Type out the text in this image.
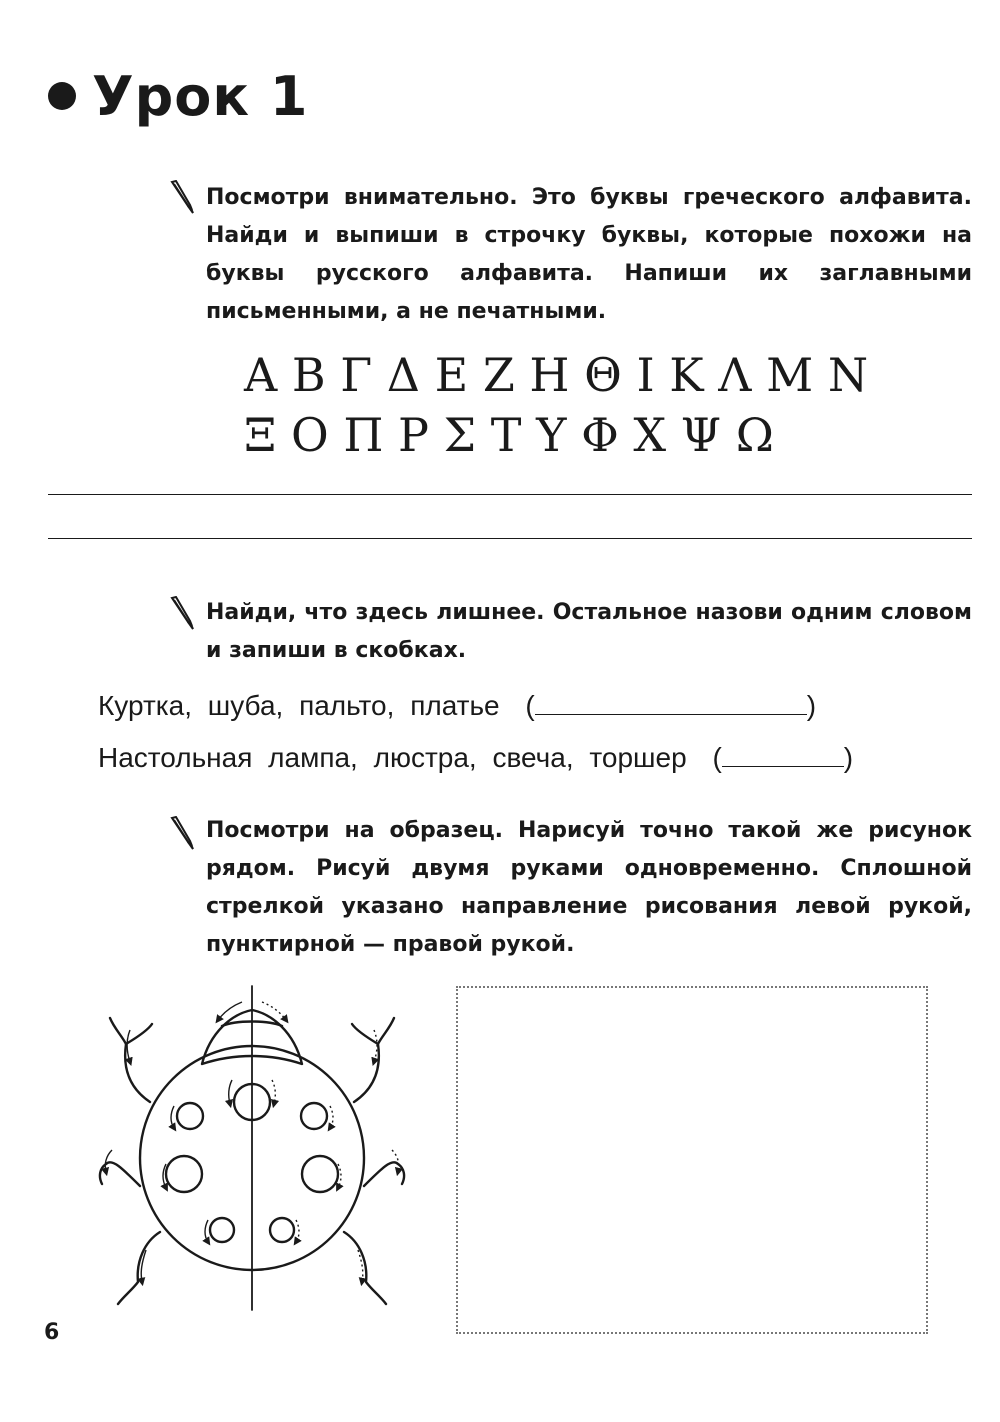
Урок 1
Посмотри внимательно. Это буквы греческого алфавита. Найди и выпиши в строчку буквы, которые похожи на буквы русского алфавита. Напиши их заглавными письменными, а не печатными.
Α Β Γ Δ Ε Ζ Η Θ Ι Κ Λ Μ Ν
Ξ Ο Π Ρ Σ Τ Υ Φ Χ Ψ Ω
Найди, что здесь лишнее. Остальное назови одним словом и запиши в скобках.
Куртка, шуба, пальто, платье (	)
Настольная лампа, люстра, свеча, торшер (	)
Посмотри на образец. Нарисуй точно такой же рисунок рядом. Рисуй двумя руками одновременно. Сплошной стрелкой указано направление рисования левой рукой, пунктирной — правой рукой.
6
